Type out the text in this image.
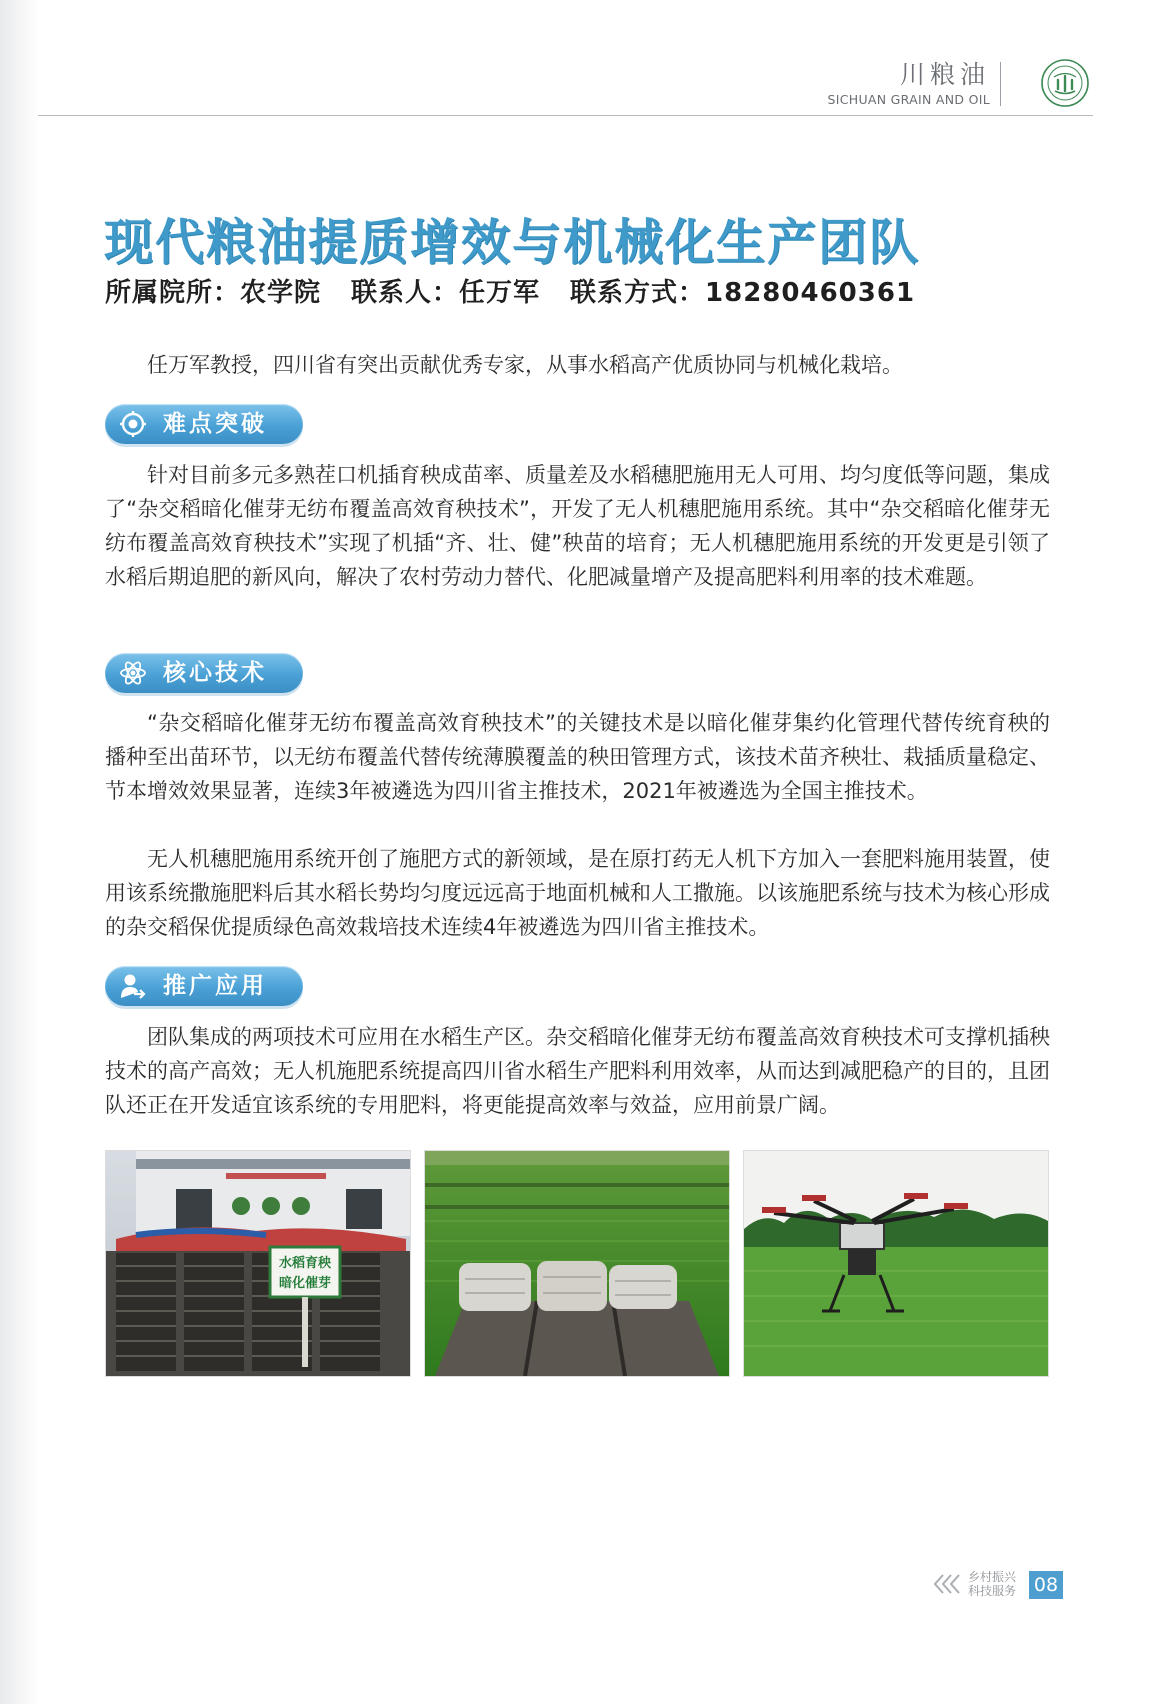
川粮油
SICHUAN GRAIN AND OIL
现代粮油提质增效与机械化生产团队
所属院所：农学院 联系人：任万军 联系方式：18280460361

任万军教授，四川省有突出贡献优秀专家，从事水稻高产优质协同与机械化栽培。

难点突破

针对目前多元多熟茬口机插育秧成苗率、质量差及水稻穗肥施用无人可用、均匀度低等问题，集成了“杂交稻暗化催芽无纺布覆盖高效育秧技术”，开发了无人机穗肥施用系统。其中“杂交稻暗化催芽无纺布覆盖高效育秧技术”实现了机插“齐、壮、健”秧苗的培育；无人机穗肥施用系统的开发更是引领了水稻后期追肥的新风向，解决了农村劳动力替代、化肥减量增产及提高肥料利用率的技术难题。

核心技术

“杂交稻暗化催芽无纺布覆盖高效育秧技术”的关键技术是以暗化催芽集约化管理代替传统育秧的播种至出苗环节，以无纺布覆盖代替传统薄膜覆盖的秧田管理方式，该技术苗齐秧壮、栽插质量稳定、节本增效效果显著，连续3年被遴选为四川省主推技术，2021年被遴选为全国主推技术。

无人机穗肥施用系统开创了施肥方式的新领域，是在原打药无人机下方加入一套肥料施用装置，使用该系统撒施肥料后其水稻长势均匀度远远高于地面机械和人工撒施。以该施肥系统与技术为核心形成的杂交稻保优提质绿色高效栽培技术连续4年被遴选为四川省主推技术。

推广应用

团队集成的两项技术可应用在水稻生产区。杂交稻暗化催芽无纺布覆盖高效育秧技术可支撑机插秧技术的高产高效；无人机施肥系统提高四川省水稻生产肥料利用效率，从而达到减肥稳产的目的，且团队还正在开发适宜该系统的专用肥料，将更能提高效率与效益，应用前景广阔。

水稻育秧
暗化催芽
乡村振兴
科技服务 08
